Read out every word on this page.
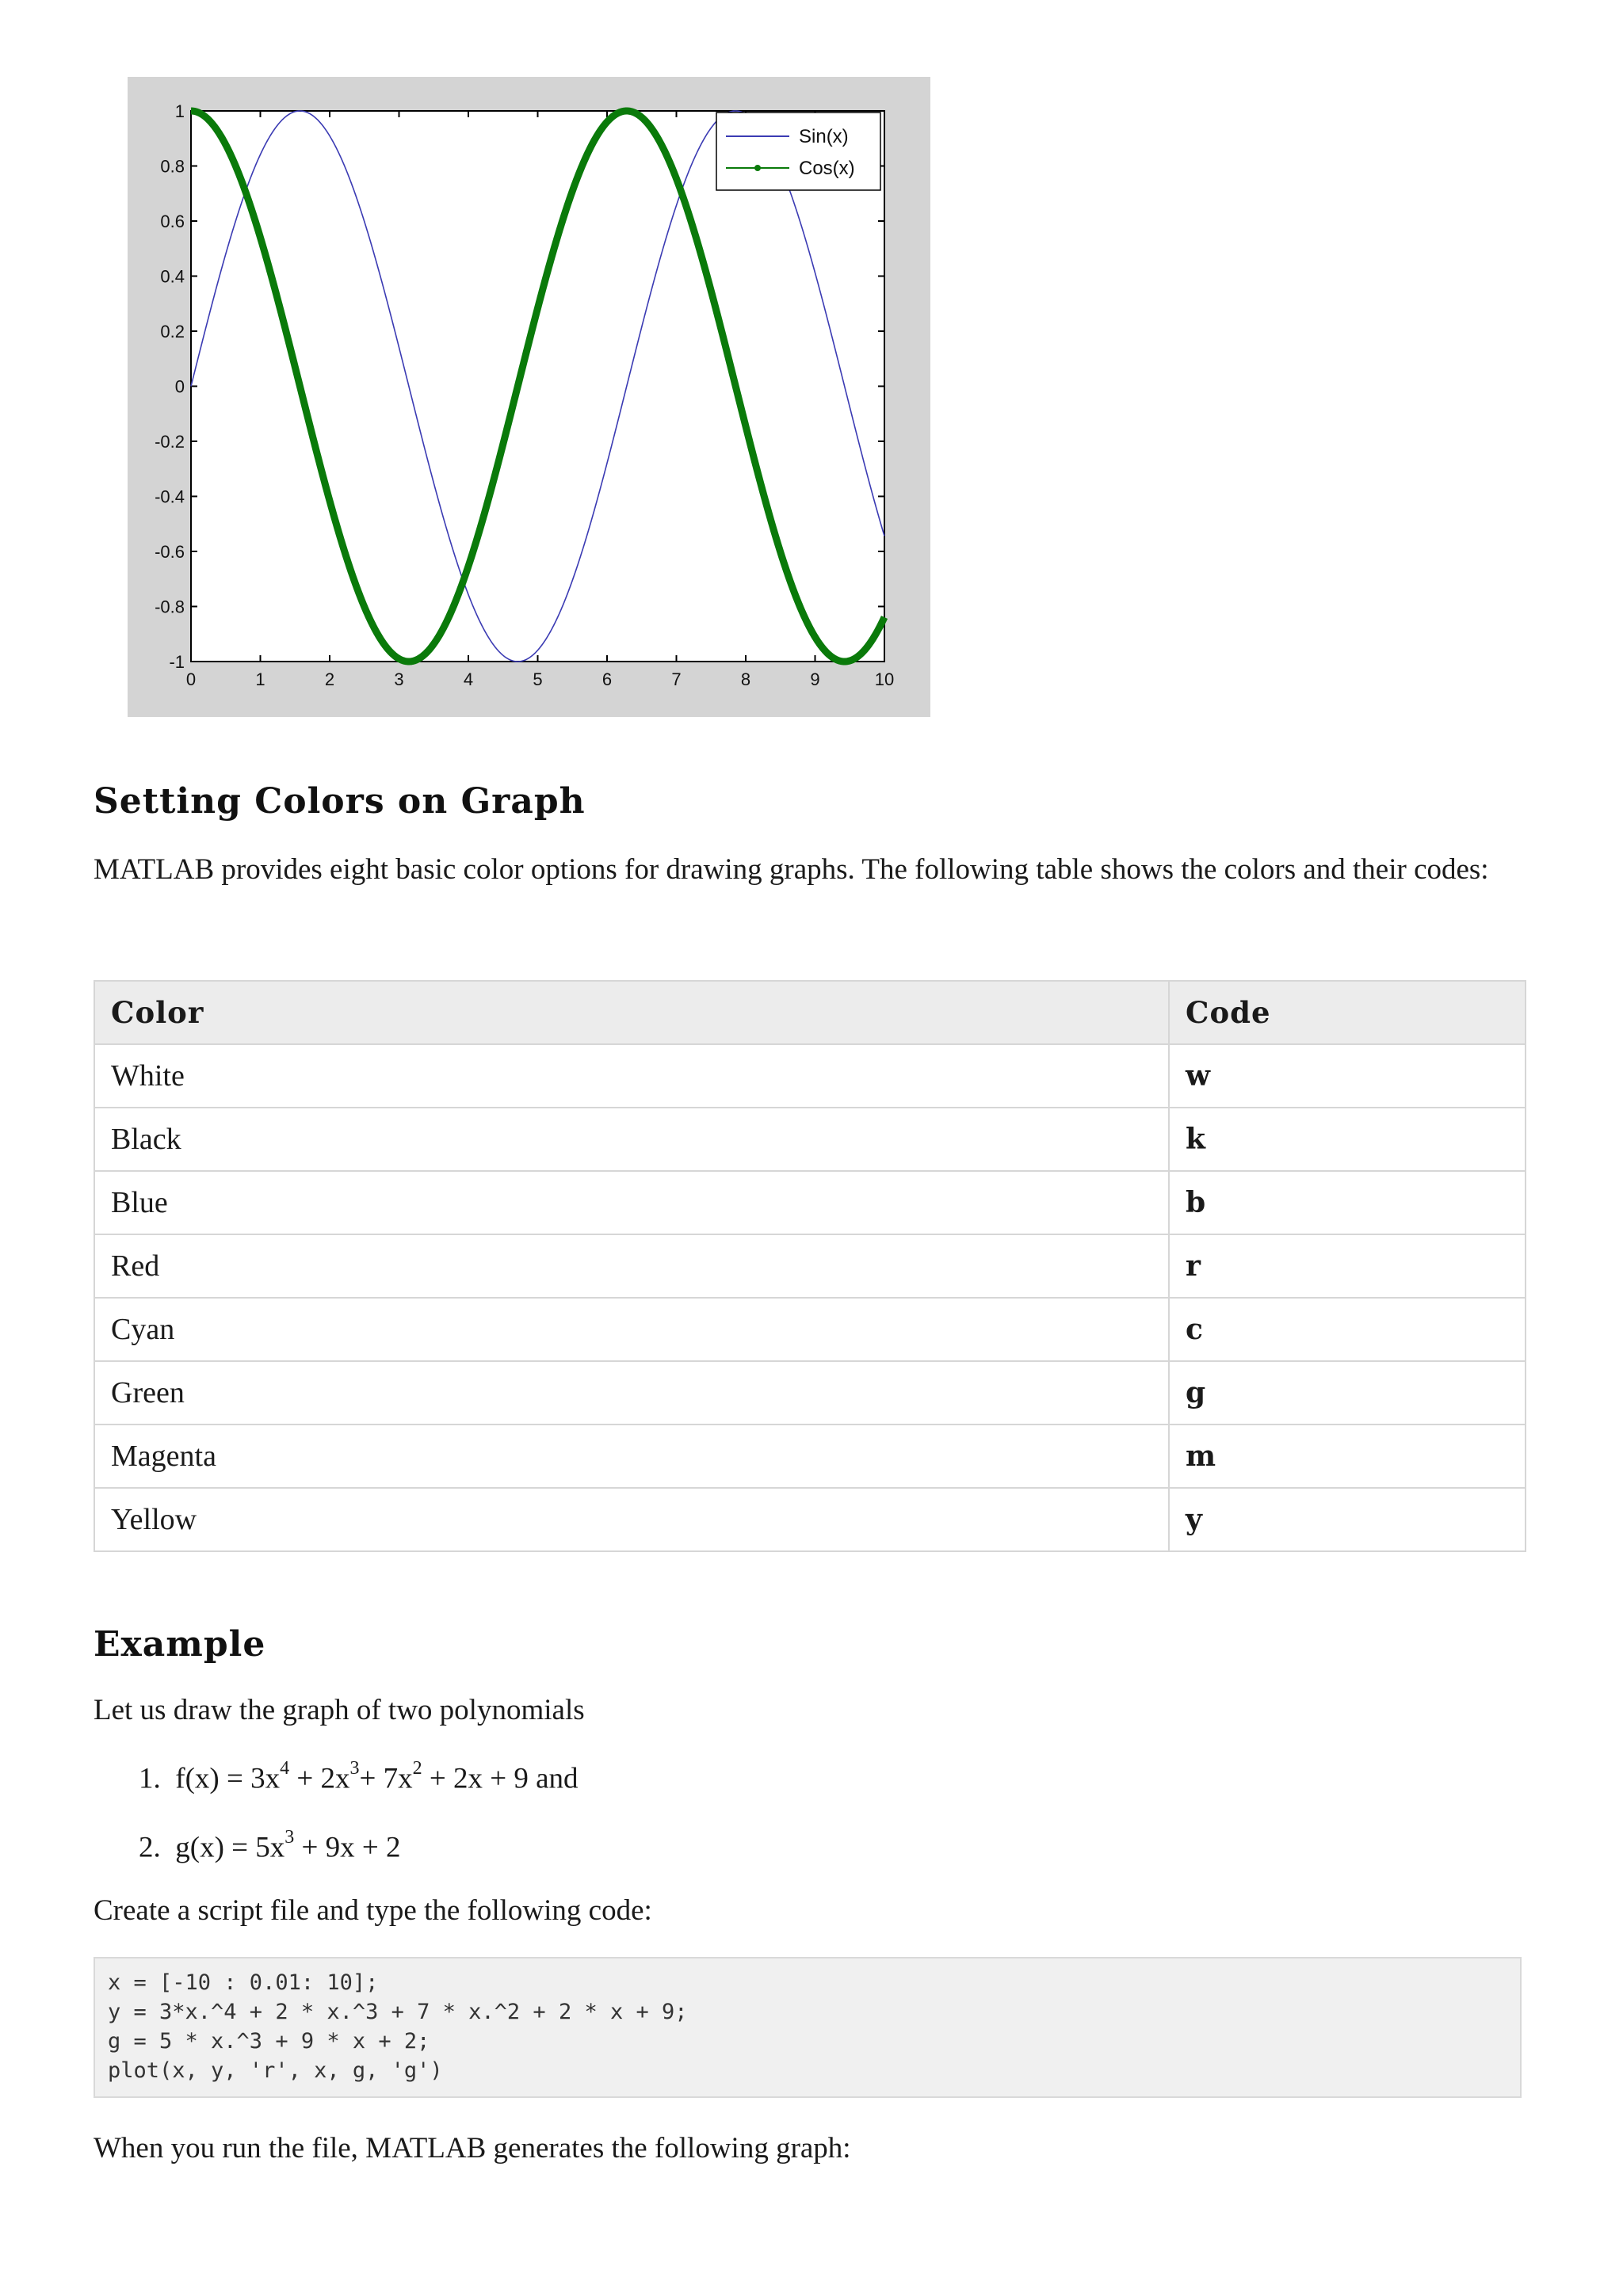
0	1	2	3	4	5	6	7	8	9	10
1
0.8
0.6
0.4
0.2
0
-0.2
-0.4
-0.6
-0.8
-1
Sin(x)
Cos(x)
Setting Colors on Graph

MATLAB provides eight basic color options for drawing graphs. The following table shows the colors and their codes:

Color	Code
White	w
Black	k
Blue	b
Red	r
Cyan	c
Green	g
Magenta	m
Yellow	y
Example

Let us draw the graph of two polynomials

1. $f(x) = 3x^4 + 2x^3+ 7x^2 + 2x + 9$ and
2. $g(x) = 5x^3 + 9x + 2$

Create a script file and type the following code:

x = [-10 : 0.01: 10];
y = 3*x.^4 + 2 * x.^3 + 7 * x.^2 + 2 * x + 9;
g = 5 * x.^3 + 9 * x + 2;
plot(x, y, 'r', x, g, 'g')

When you run the file, MATLAB generates the following graph:
